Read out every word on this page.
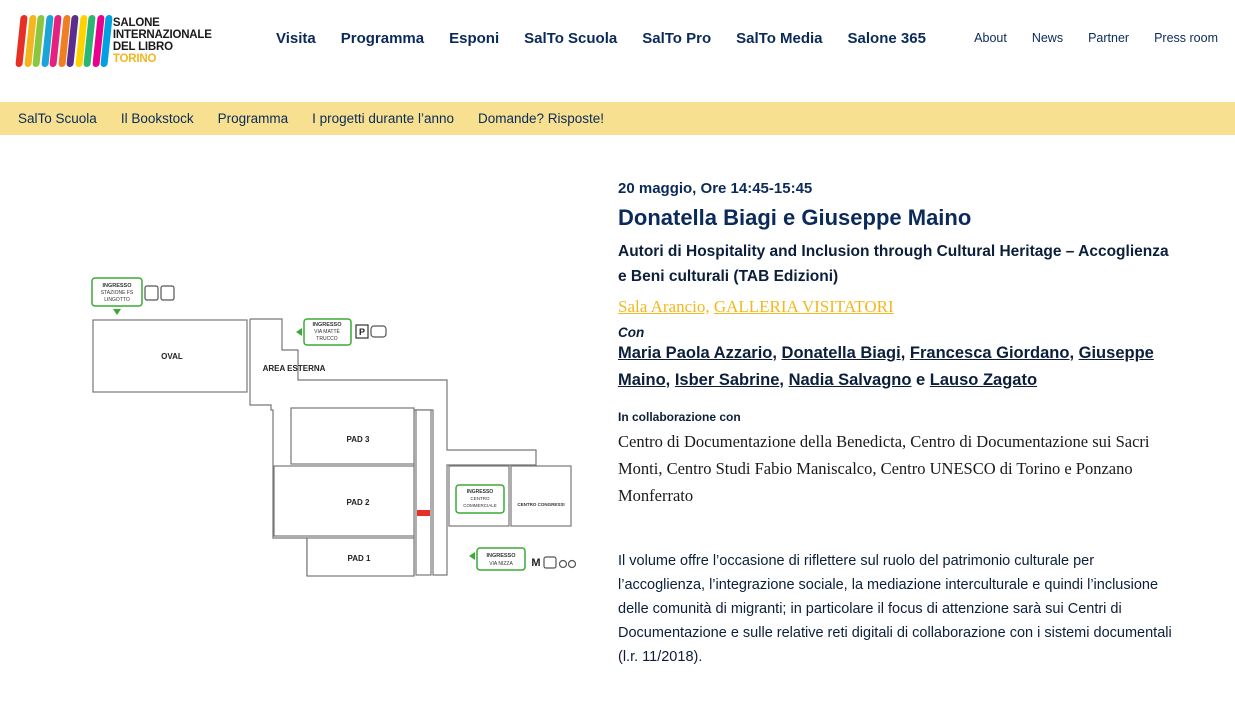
SALONE
INTERNAZIONALE
DEL LIBRO TORINO
Visita Programma Esponi SalTo Scuola SalTo Pro SalTo Media Salone 365	About News Partner Press room
SalTo Scuola Il Bookstock Programma I progetti durante l’anno Domande? Risposte!
INGRESSO
STAZIONE FS
LINGOTTO
OVAL
AREA ESTERNA
PAD 3
PAD 2
PAD 1
INGRESSO
CENTRO
COMMERCIALE	CENTRO CONGRESSI
INGRESSO
VIA MATTÈ
TRUCCO
P
INGRESSO
VIA NIZZA M
20 maggio, Ore 14:45-15:45
Donatella Biagi e Giuseppe Maino
Autori di Hospitality and Inclusion through Cultural Heritage – Accoglienza e Beni culturali (TAB Edizioni)
Sala Arancio, GALLERIA VISITATORI
Con
Maria Paola Azzario, Donatella Biagi, Francesca Giordano, Giuseppe Maino, Isber Sabrine, Nadia Salvagno e Lauso Zagato
In collaborazione con
Centro di Documentazione della Benedicta, Centro di Documentazione sui Sacri Monti, Centro Studi Fabio Maniscalco, Centro UNESCO di Torino e Ponzano Monferrato

Il volume offre l’occasione di riflettere sul ruolo del patrimonio culturale per l’accoglienza, l’integrazione sociale, la mediazione interculturale e quindi l’inclusione delle comunità di migranti; in particolare il focus di attenzione sarà sui Centri di Documentazione e sulle relative reti digitali di collaborazione con i sistemi documentali (l.r. 11/2018).
